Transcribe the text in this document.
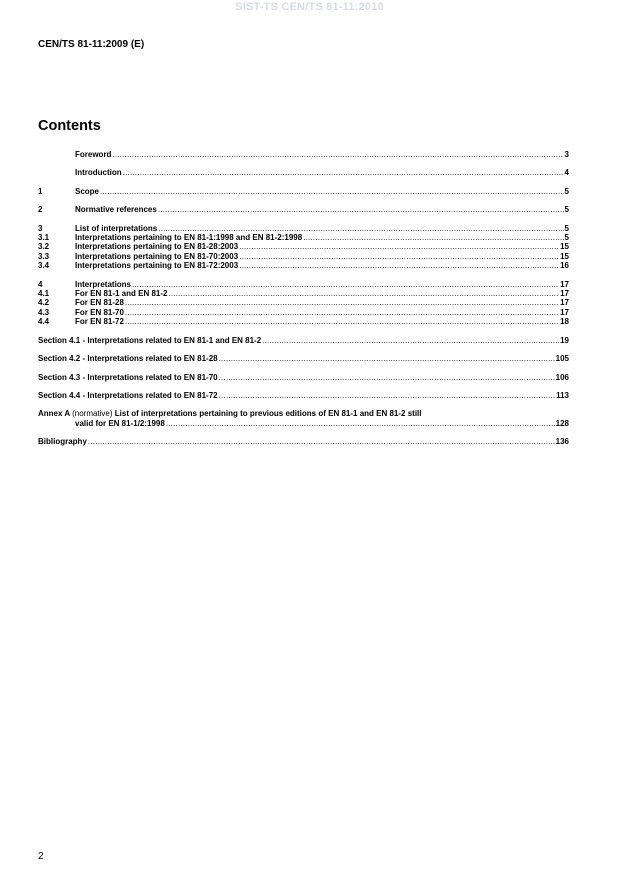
SIST-TS CEN/TS 81-11:2010
CEN/TS 81-11:2009 (E)
Contents
Foreword .....	3
Introduction .....	4
1	Scope .....	5
2	Normative references .....	5
3	List of interpretations .....	5
3.1	Interpretations pertaining to EN 81-1:1998 and EN 81-2:1998 .....	5
3.2	Interpretations pertaining to EN 81-28:2003 .....	15
3.3	Interpretations pertaining to EN 81-70:2003 .....	15
3.4	Interpretations pertaining to EN 81-72:2003 .....	16
4	Interpretations .....	17
4.1	For EN 81-1 and EN 81-2 .....	17
4.2	For EN 81-28 .....	17
4.3	For EN 81-70 .....	17
4.4	For EN 81-72 .....	18
Section 4.1 - Interpretations related to EN 81-1 and EN 81-2 .....	19
Section 4.2 - Interpretations related to EN 81-28 .....	105
Section 4.3 - Interpretations related to EN 81-70 .....	106
Section 4.4 - Interpretations related to EN 81-72 .....	113
Annex A (normative) List of interpretations pertaining to previous editions of EN 81-1 and EN 81-2 still
valid for EN 81-1/2:1998 .....	128
Bibliography .....	136
2
